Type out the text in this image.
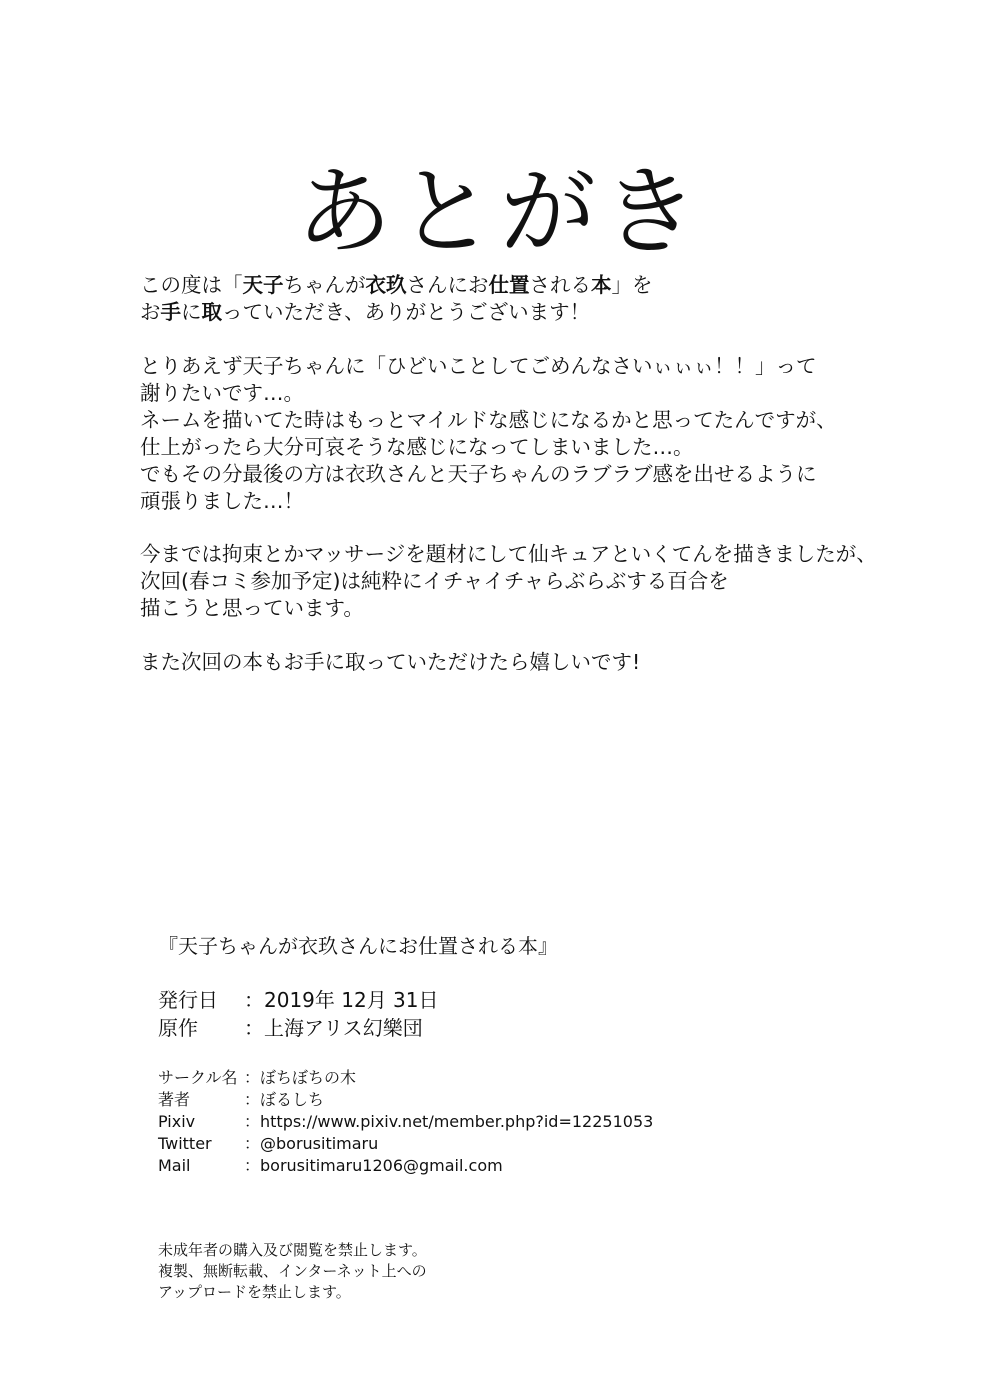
あとがき
この度は「天子ちゃんが衣玖さんにお仕置される本」を
お手に取っていただき、ありがとうございます！
とりあえず天子ちゃんに「ひどいことしてごめんなさいぃぃぃ！！」って
謝りたいです…。
ネームを描いてた時はもっとマイルドな感じになるかと思ってたんですが、
仕上がったら大分可哀そうな感じになってしまいました…。
でもその分最後の方は衣玖さんと天子ちゃんのラブラブ感を出せるように
頑張りました…！
今までは拘束とかマッサージを題材にして仙キュアといくてんを描きましたが、
次回(春コミ参加予定)は純粋にイチャイチャらぶらぶする百合を
描こうと思っています。
また次回の本もお手に取っていただけたら嬉しいです!
『天子ちゃんが衣玖さんにお仕置される本』
発行日 ：2019年 12月 31日
原作 ：上海アリス幻樂団
サークル名 ：ぼちぼちの木
著者	：ぼるしち
Pixiv	：https://www.pixiv.net/member.php?id=12251053
Twitter ：@borusitimaru
Mail	：borusitimaru1206@gmail.com
未成年者の購入及び閲覧を禁止します。
複製、無断転載、インターネット上への
アップロードを禁止します。
